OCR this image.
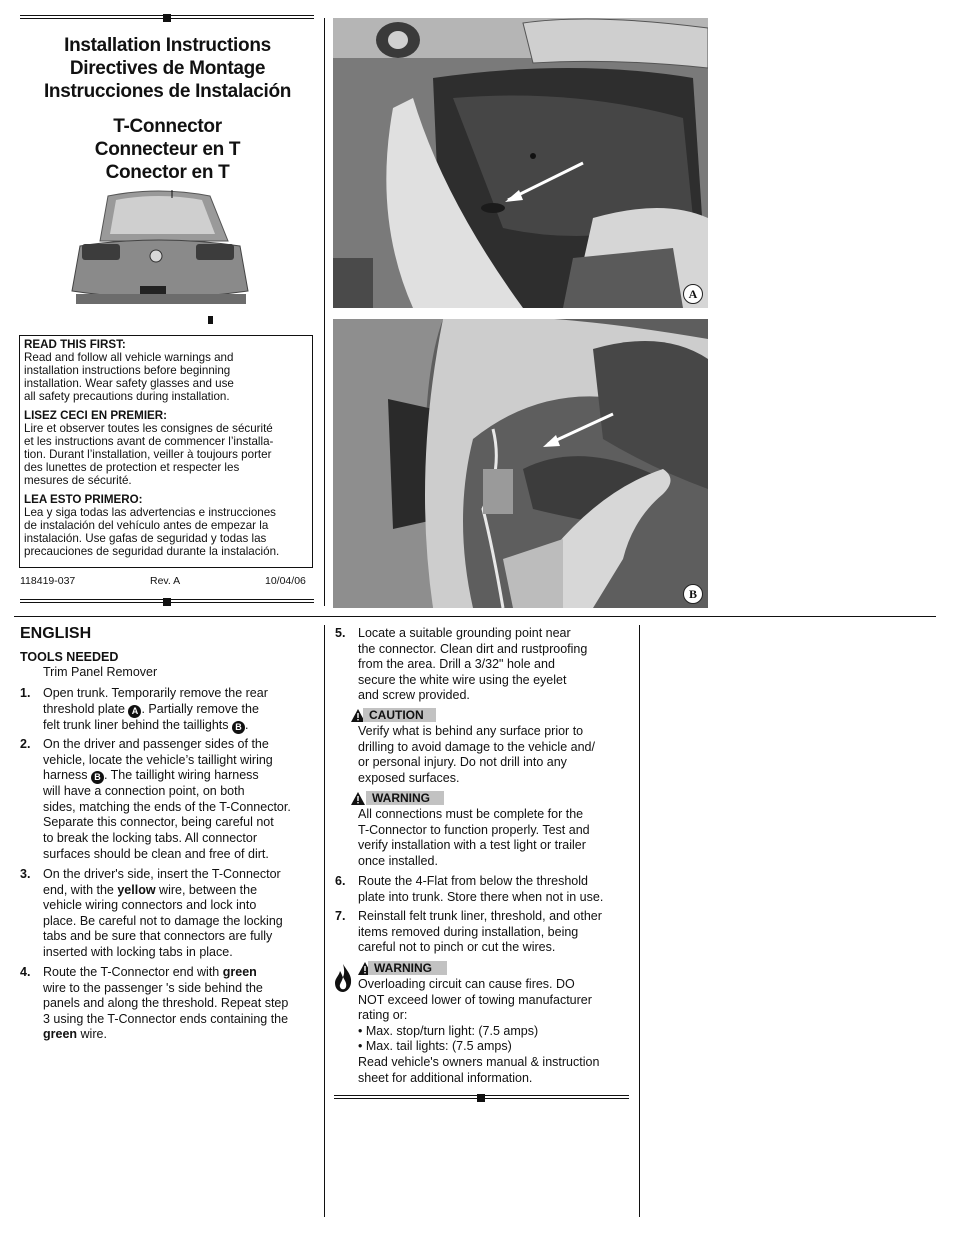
Installation Instructions
Directives de Montage
Instrucciones de Instalación
T-Connector
Connecteur en T
Conector en T
READ THIS FIRST:
Read and follow all vehicle warnings and
installation instructions before beginning
installation. Wear safety glasses and use
all safety precautions during installation.
LISEZ CECI EN PREMIER:
Lire et observer toutes les consignes de sécurité
et les instructions avant de commencer l’installa-
tion. Durant l’installation, veiller à toujours porter
des lunettes de protection et respecter les
mesures de sécurité.
LEA ESTO PRIMERO:
Lea y siga todas las advertencias e instrucciones
de instalación del vehículo antes de empezar la
instalación. Use gafas de seguridad y todas las
precauciones de seguridad durante la instalación.
118419-037	Rev. A	10/04/06
A
B
ENGLISH
TOOLS NEEDED
Trim Panel Remover
1. Open trunk. Temporarily remove the rear
threshold plate A . Partially remove the
felt trunk liner behind the taillights B .
2. On the driver and passenger sides of the
vehicle, locate the vehicle’s taillight wiring
harness B . The taillight wiring harness
will have a connection point, on both
sides, matching the ends of the T-Connector.
Separate this connector, being careful not
to break the locking tabs. All connector
surfaces should be clean and free of dirt.
3. On the driver's side, insert the T-Connector
end, with the yellow wire, between the
vehicle wiring connectors and lock into
place. Be careful not to damage the locking
tabs and be sure that connectors are fully
inserted with locking tabs in place.
4. Route the T-Connector end with green
wire to the passenger 's side behind the
panels and along the threshold. Repeat step
3 using the T-Connector ends containing the
green wire.
5. Locate a suitable grounding point near
the connector. Clean dirt and rustproofing
from the area. Drill a 3/32" hole and
secure the white wire using the eyelet
and screw provided.
CAUTION
Verify what is behind any surface prior to
drilling to avoid damage to the vehicle and/
or personal injury. Do not drill into any
exposed surfaces.
WARNING
All connections must be complete for the
T-Connector to function properly. Test and
verify installation with a test light or trailer
once installed.
6. Route the 4-Flat from below the threshold
plate into trunk. Store there when not in use.
7. Reinstall felt trunk liner, threshold, and other
items removed during installation, being
careful not to pinch or cut the wires.
WARNING
Overloading circuit can cause fires. DO
NOT exceed lower of towing manufacturer
rating or:
• Max. stop/turn light: (7.5 amps)
• Max. tail lights: (7.5 amps)
Read vehicle's owners manual & instruction
sheet for additional information.
